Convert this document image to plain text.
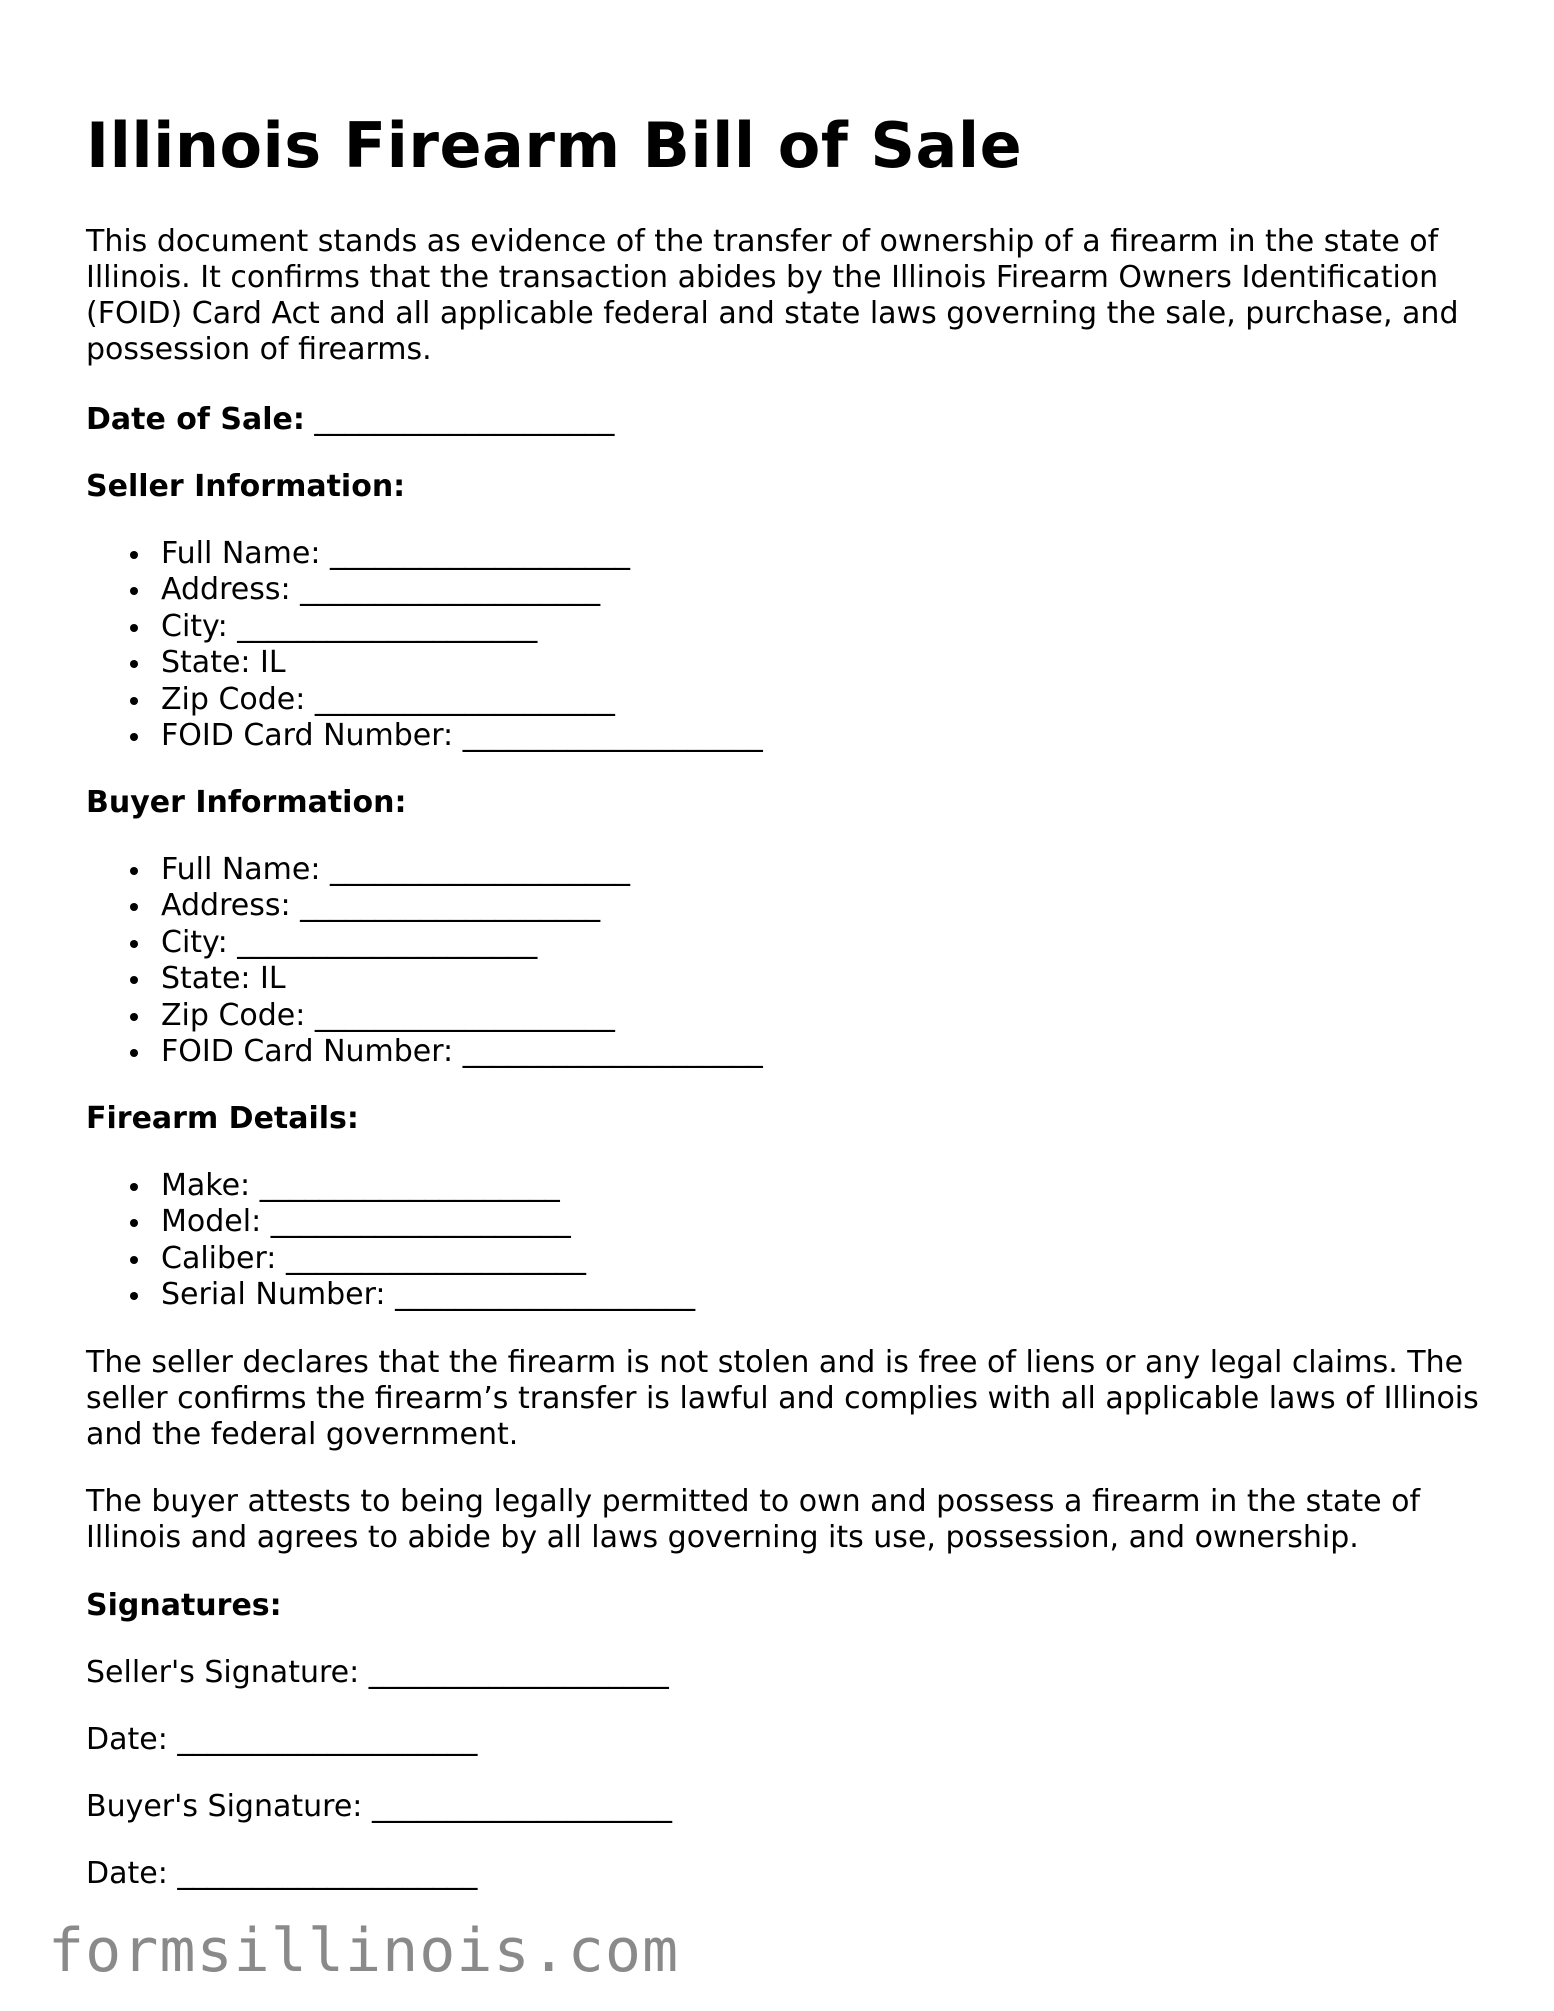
Illinois Firearm Bill of Sale

This document stands as evidence of the transfer of ownership of a firearm in the state of Illinois. It confirms that the transaction abides by the Illinois Firearm Owners Identification (FOID) Card Act and all applicable federal and state laws governing the sale, purchase, and possession of firearms.

Date of Sale: ____________________

Seller Information:

Full Name: ____________________
Address: ____________________
City: ____________________
State: IL
Zip Code: ____________________
FOID Card Number: ____________________

Buyer Information:

Full Name: ____________________
Address: ____________________
City: ____________________
State: IL
Zip Code: ____________________
FOID Card Number: ____________________

Firearm Details:

Make: ____________________
Model: ____________________
Caliber: ____________________
Serial Number: ____________________

The seller declares that the firearm is not stolen and is free of liens or any legal claims. The seller confirms the firearm’s transfer is lawful and complies with all applicable laws of Illinois and the federal government.

The buyer attests to being legally permitted to own and possess a firearm in the state of Illinois and agrees to abide by all laws governing its use, possession, and ownership.

Signatures:

Seller's Signature: ____________________

Date: ____________________

Buyer's Signature: ____________________

Date: ____________________

formsillinois.com
